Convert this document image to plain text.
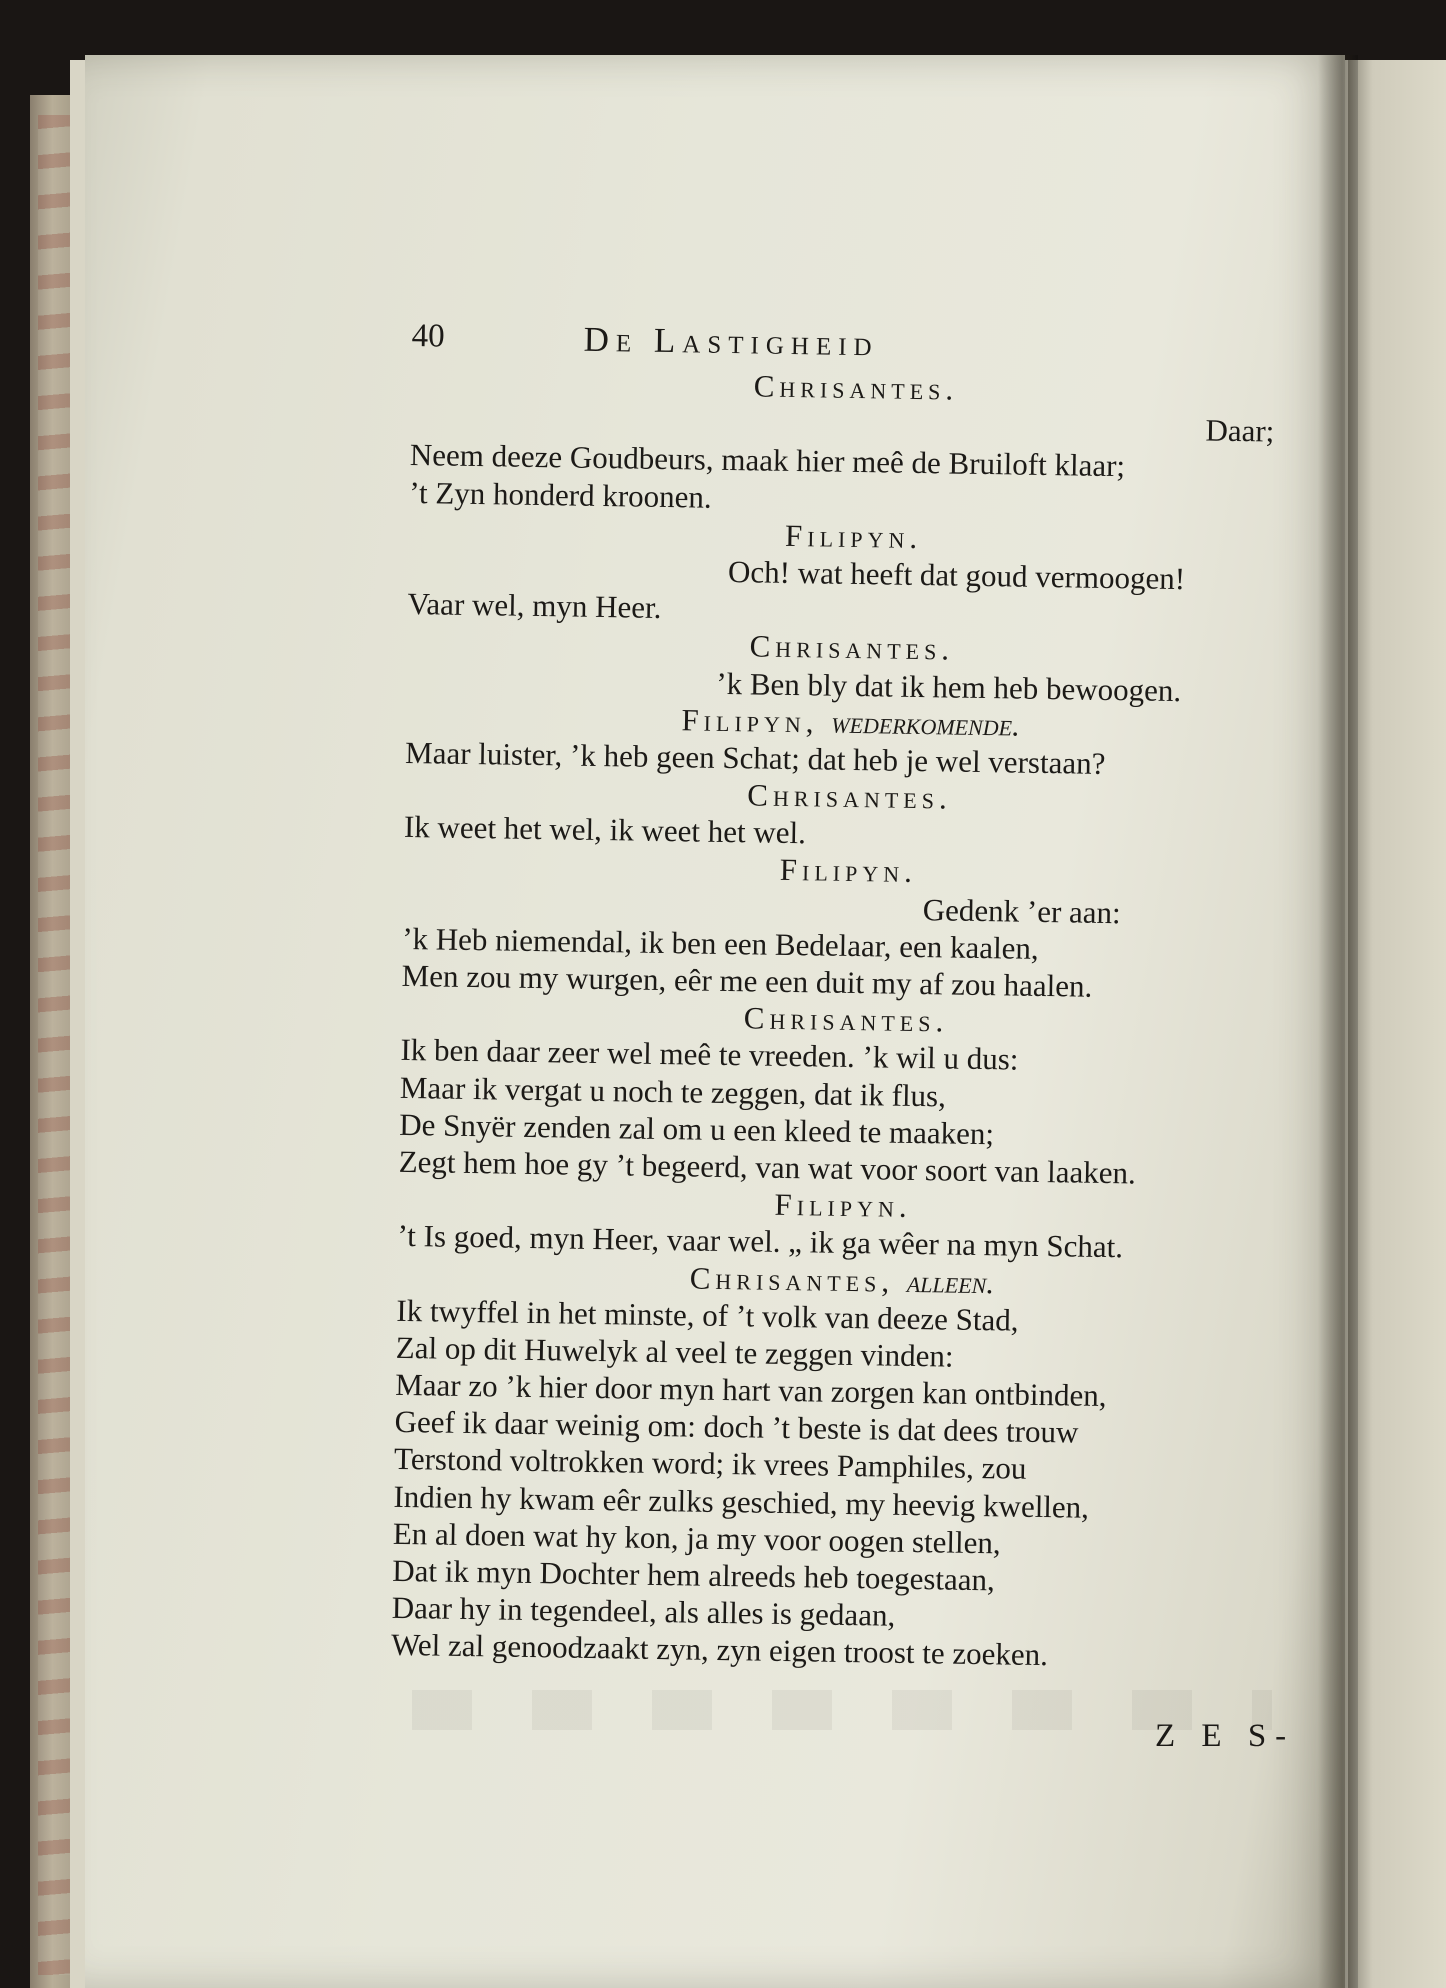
40	De Lastigheid
Chrisantes.
Daar;
Neem deeze Goudbeurs, maak hier meê de Bruiloft klaar;
’t Zyn honderd kroonen.
Filipyn.
Och! wat heeft dat goud vermoogen!
Vaar wel, myn Heer.
Chrisantes.
’k Ben bly dat ik hem heb bewoogen.
Filipyn, wederkomende.
Maar luister, ’k heb geen Schat; dat heb je wel verstaan?
Chrisantes.
Ik weet het wel, ik weet het wel.
Filipyn.
Gedenk ’er aan:
’k Heb niemendal, ik ben een Bedelaar, een kaalen,
Men zou my wurgen, eêr me een duit my af zou haalen.
Chrisantes.
Ik ben daar zeer wel meê te vreeden. ’k wil u dus:
Maar ik vergat u noch te zeggen, dat ik flus,
De Snyër zenden zal om u een kleed te maaken;
Zegt hem hoe gy ’t begeerd, van wat voor soort van laaken.
Filipyn.
’t Is goed, myn Heer, vaar wel. „ ik ga wêer na myn Schat.
Chrisantes, alleen.
Ik twyffel in het minste, of ’t volk van deeze Stad,
Zal op dit Huwelyk al veel te zeggen vinden:
Maar zo ’k hier door myn hart van zorgen kan ontbinden,
Geef ik daar weinig om: doch ’t beste is dat dees trouw
Terstond voltrokken word; ik vrees Pamphiles, zou
Indien hy kwam eêr zulks geschied, my heevig kwellen,
En al doen wat hy kon, ja my voor oogen stellen,
Dat ik myn Dochter hem alreeds heb toegestaan,
Daar hy in tegendeel, als alles is gedaan,
Wel zal genoodzaakt zyn, zyn eigen troost te zoeken.
Z E S-
